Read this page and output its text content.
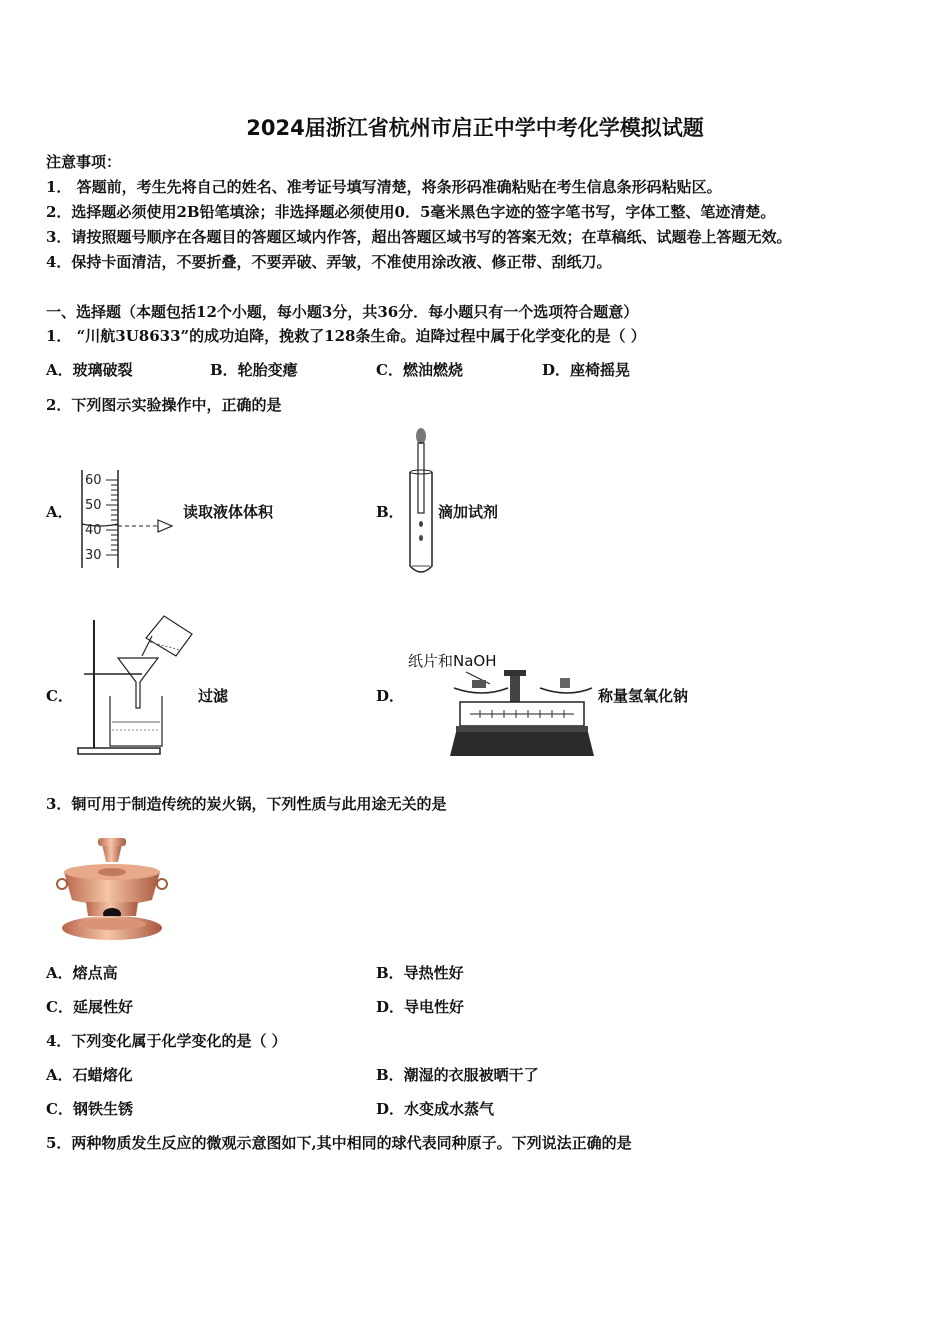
2024届浙江省杭州市启正中学中考化学模拟试题
注意事项：
1． 答题前，考生先将自己的姓名、准考证号填写清楚，将条形码准确粘贴在考生信息条形码粘贴区。
2．选择题必须使用2B铅笔填涂；非选择题必须使用0．5毫米黑色字迹的签字笔书写，字体工整、笔迹清楚。
3．请按照题号顺序在各题目的答题区域内作答，超出答题区域书写的答案无效；在草稿纸、试题卷上答题无效。
4．保持卡面清洁，不要折叠，不要弄破、弄皱，不准使用涂改液、修正带、刮纸刀。
一、选择题（本题包括12个小题，每小题3分，共36分．每小题只有一个选项符合题意）
1． “川航3U8633”的成功迫降，挽救了128条生命。迫降过程中属于化学变化的是（ ）
A．玻璃破裂	B．轮胎变瘪	C．燃油燃烧	D．座椅摇晃
2．下列图示实验操作中，正确的是
A．
60
50
40
30
读取液体体积	B． 滴加试剂
C．	过滤	D．
纸片和NaOH
称量氢氧化钠
3．铜可用于制造传统的炭火锅，下列性质与此用途无关的是
A．熔点高	B．导热性好
C．延展性好	D．导电性好
4．下列变化属于化学变化的是（ ）
A．石蜡熔化	B．潮湿的衣服被晒干了
C．钢铁生锈	D．水变成水蒸气
5．两种物质发生反应的微观示意图如下,其中相同的球代表同种原子。下列说法正确的是
